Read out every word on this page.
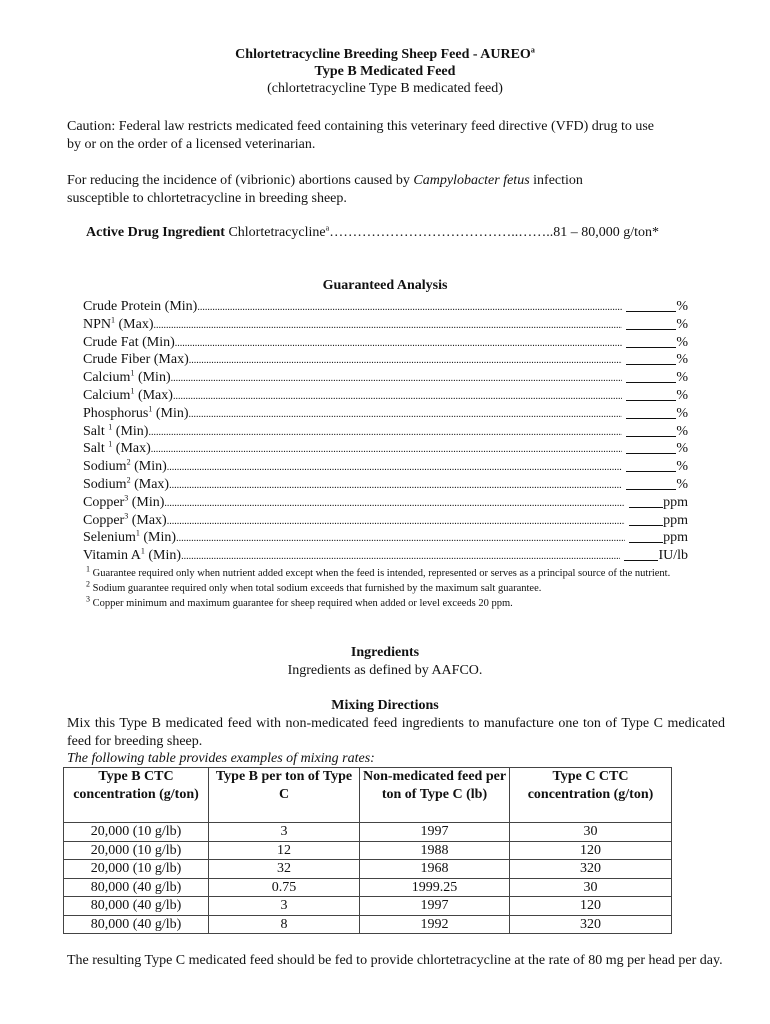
Chlortetracycline Breeding Sheep Feed - AUREO$^a$
Type B Medicated Feed
(chlortetracycline Type B medicated feed)
Caution: Federal law restricts medicated feed containing this veterinary feed directive (VFD) drug to use
by or on the order of a licensed veterinarian.
For reducing the incidence of (vibrionic) abortions caused by Campylobacter fetus infection
susceptible to chlortetracycline in breeding sheep.
Active Drug Ingredient Chlortetracycline$^a$…………………………………..……..81 – 80,000 g/ton*
Guaranteed Analysis
Crude Protein (Min) .....	%
NPN$^1$ (Max) .....	%
Crude Fat (Min) .....	%
Crude Fiber (Max) .....	%
Calcium$^1$ (Min) .....	%
Calcium$^1$ (Max) .....	%
Phosphorus$^1$ (Min) .....	%
Salt $^1$ (Min) .....	%
Salt $^1$ (Max) .....	%
Sodium$^2$ (Min) .....	%
Sodium$^2$ (Max) .....	%
Copper$^3$ (Min) .....	ppm
Copper$^3$ (Max) .....	ppm
Selenium$^1$ (Min) .....	ppm
Vitamin $A^1$ (Min) .....	IU/lb
$^1$ Guarantee required only when nutrient added except when the feed is intended, represented or serves as a principal source of the nutrient.
$^2$ Sodium guarantee required only when total sodium exceeds that furnished by the maximum salt guarantee.
$^3$ Copper minimum and maximum guarantee for sheep required when added or level exceeds 20 ppm.
Ingredients
Ingredients as defined by AAFCO.
Mixing Directions
Mix this Type B medicated feed with non-medicated feed ingredients to manufacture one ton of Type C medicated feed for breeding sheep.
The following table provides examples of mixing rates:
Type B CTC concentration (g/ton)	Type B per ton of Type C	Non-medicated feed per ton of Type C (lb)	Type C CTC concentration (g/ton)
20,000 (10 g/lb)	3	1997	30
20,000 (10 g/lb)	12	1988	120
20,000 (10 g/lb)	32	1968	320
80,000 (40 g/lb)	0.75	1999.25	30
80,000 (40 g/lb)	3	1997	120
80,000 (40 g/lb)	8	1992	320
The resulting Type C medicated feed should be fed to provide chlortetracycline at the rate of 80 mg per head per day.
